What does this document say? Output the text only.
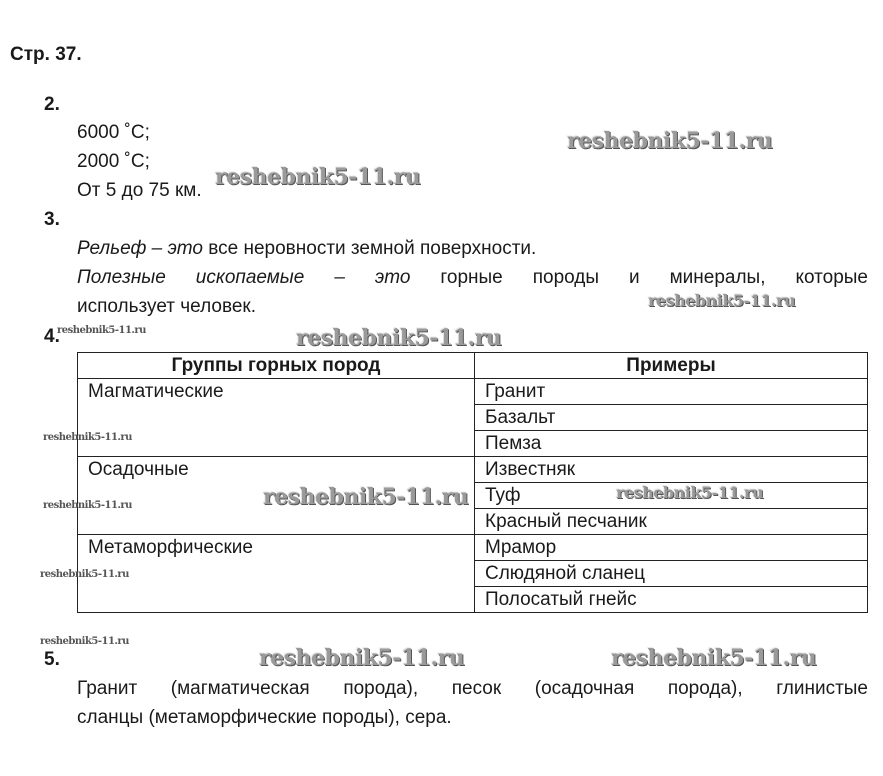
Стр. 37.
2.
6000 ˚C;
2000 ˚C;
От 5 до 75 км.
3.
Рельеф – это все неровности земной поверхности.
Полезные ископаемые – это горные породы и минералы, которые
использует человек.
4.
Группы горных пород	Примеры
Магматические	Гранит
	Базальт
	Пемза
Осадочные	Известняк
	Туф
	Красный песчаник
Метаморфические	Мрамор
	Слюдяной сланец
	Полосатый гнейс
5.
Гранит (магматическая порода), песок (осадочная порода), глинистые
сланцы (метаморфические породы), сера.
reshebnik5-11.ru
reshebnik5-11.ru
reshebnik5-11.ru
reshebnik5-11.ru
reshebnik5-11.ru
reshebnik5-11.ru
reshebnik5-11.ru	reshebnik5-11.ru
reshebnik5-11.ru
reshebnik5-11.ru
reshebnik5-11.ru
reshebnik5-11.ru	reshebnik5-11.ru
